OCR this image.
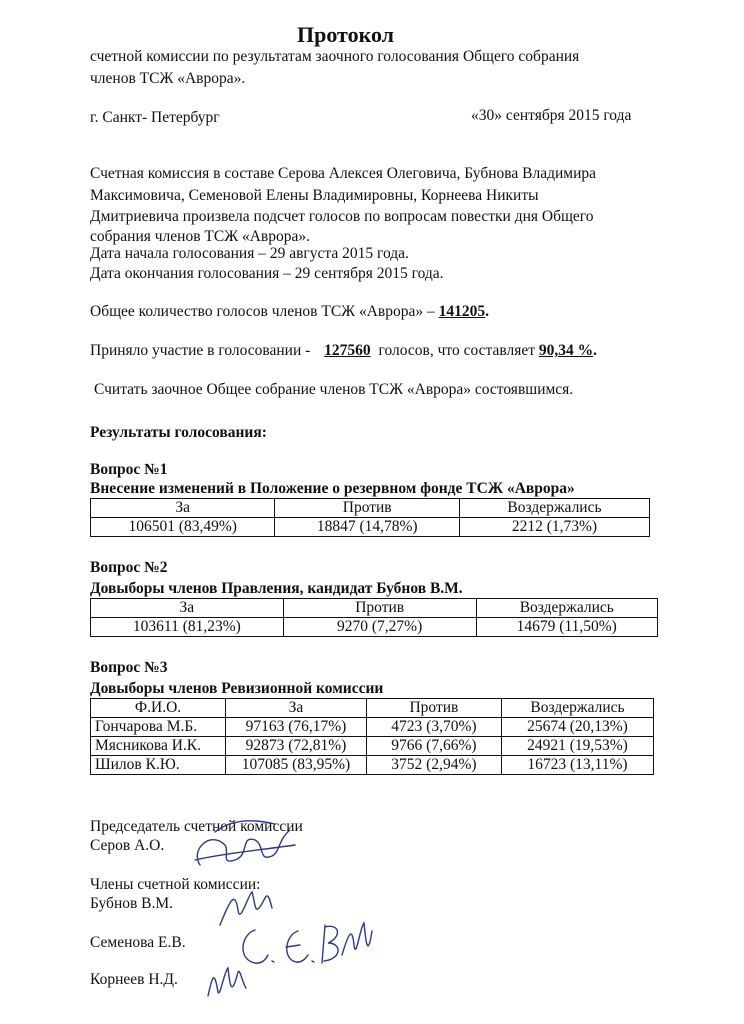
Протокол
счетной комиссии по результатам заочного голосования Общего собрания
членов ТСЖ «Аврора».
г. Санкт- Петербург	«30» сентября 2015 года
Счетная комиссия в составе Серова Алексея Олеговича, Бубнова Владимира
Максимовича, Семеновой Елены Владимировны, Корнеева Никиты
Дмитриевича произвела подсчет голосов по вопросам повестки дня Общего
собрания членов ТСЖ «Аврора».
Дата начала голосования – 29 августа 2015 года.
Дата окончания голосования – 29 сентября 2015 года.
Общее количество голосов членов ТСЖ «Аврора» – 141205.
Приняло участие в голосовании - 127560 голосов, что составляет 90,34 %.
Считать заочное Общее собрание членов ТСЖ «Аврора» состоявшимся.
Результаты голосования:
Вопрос №1
Внесение изменений в Положение о резервном фонде ТСЖ «Аврора»
За	Против	Воздержались
106501 (83,49%)	18847 (14,78%)	2212 (1,73%)
Вопрос №2
Довыборы членов Правления, кандидат Бубнов В.М.
За	Против	Воздержались
103611 (81,23%)	9270 (7,27%)	14679 (11,50%)
Вопрос №3
Довыборы членов Ревизионной комиссии
Ф.И.О.	За	Против	Воздержались
Гончарова М.Б.	97163 (76,17%)	4723 (3,70%)	25674 (20,13%)
Мясникова И.К.	92873 (72,81%)	9766 (7,66%)	24921 (19,53%)
Шилов К.Ю.	107085 (83,95%)	3752 (2,94%)	16723 (13,11%)
Председатель счетной комиссии
Серов А.О.
Члены счетной комиссии:
Бубнов В.М.
Семенова Е.В.
Корнеев Н.Д.
